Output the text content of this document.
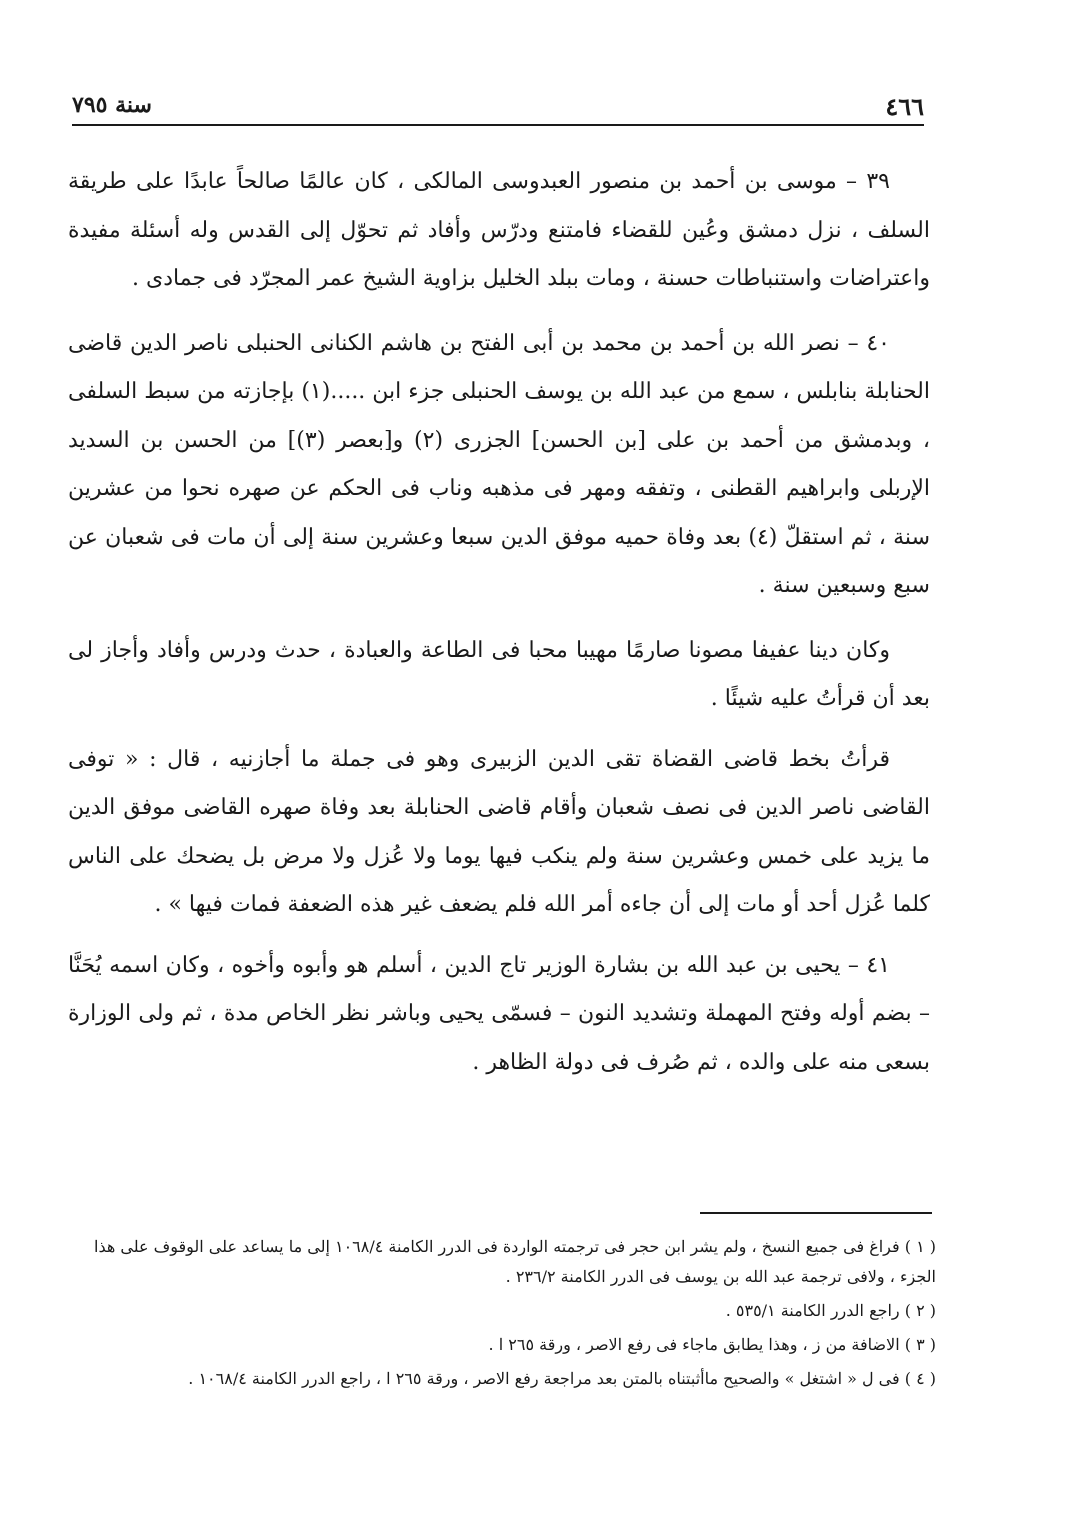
سنة ٧٩٥	٤٦٦

٣٩ – موسى بن أحمد بن منصور العبدوسى المالكى ، كان عالمًا صالحاً عابدًا على طريقة السلف ، نزل دمشق وعُين للقضاء فامتنع ودرّس وأفاد ثم تحوّل إلى القدس وله أسئلة مفيدة واعتراضات واستنباطات حسنة ، ومات ببلد الخليل بزاوية الشيخ عمر المجرّد فى جمادى .

٤٠ – نصر الله بن أحمد بن محمد بن أبى الفتح بن هاشم الكنانى الحنبلى ناصر الدين قاضى الحنابلة بنابلس ، سمع من عبد الله بن يوسف الحنبلى جزء ابن .....(١) بإجازته من سبط السلفى ، وبدمشق من أحمد بن على [بن الحسن] الجزرى (٢) و[بعصر (٣)] من الحسن بن السديد الإربلى وابراهيم القطنى ، وتفقه ومهر فى مذهبه وناب فى الحكم عن صهره نحوا من عشرين سنة ، ثم استقلّ (٤) بعد وفاة حميه موفق الدين سبعا وعشرين سنة إلى أن مات فى شعبان عن سبع وسبعين سنة .

وكان دينا عفيفا مصونا صارمًا مهيبا محبا فى الطاعة والعبادة ، حدث ودرس وأفاد وأجاز لى بعد أن قرأتُ عليه شيئًا .

قرأتُ بخط قاضى القضاة تقى الدين الزبيرى وهو فى جملة ما أجازنيه ، قال : « توفى القاضى ناصر الدين فى نصف شعبان وأقام قاضى الحنابلة بعد وفاة صهره القاضى موفق الدين ما يزيد على خمس وعشرين سنة ولم ينكب فيها يوما ولا عُزل ولا مرض بل يضحك على الناس كلما عُزل أحد أو مات إلى أن جاءه أمر الله فلم يضعف غير هذه الضعفة فمات فيها » .

٤١ – يحيى بن عبد الله بن بشارة الوزير تاج الدين ، أسلم هو وأبوه وأخوه ، وكان اسمه يُحَنَّا – بضم أوله وفتح المهملة وتشديد النون – فسمّى يحيى وباشر نظر الخاص مدة ، ثم ولى الوزارة بسعى منه على والده ، ثم صُرف فى دولة الظاهر .

( ١ ) فراغ فى جميع النسخ ، ولم يشر ابن حجر فى ترجمته الواردة فى الدرر الكامنة ١٠٦٨/٤ إلى ما يساعد على الوقوف على هذا الجزء ، ولافى ترجمة عبد الله بن يوسف فى الدرر الكامنة ٢٣٦/٢ .

( ٢ ) راجع الدرر الكامنة ٥٣٥/١ .

( ٣ ) الاضافة من ز ، وهذا يطابق ماجاء فى رفع الاصر ، ورقة ٢٦٥ ا .

( ٤ ) فى ل « اشتغل » والصحيح ماأثبتناه بالمتن بعد مراجعة رفع الاصر ، ورقة ٢٦٥ ا ، راجع الدرر الكامنة ١٠٦٨/٤ .
